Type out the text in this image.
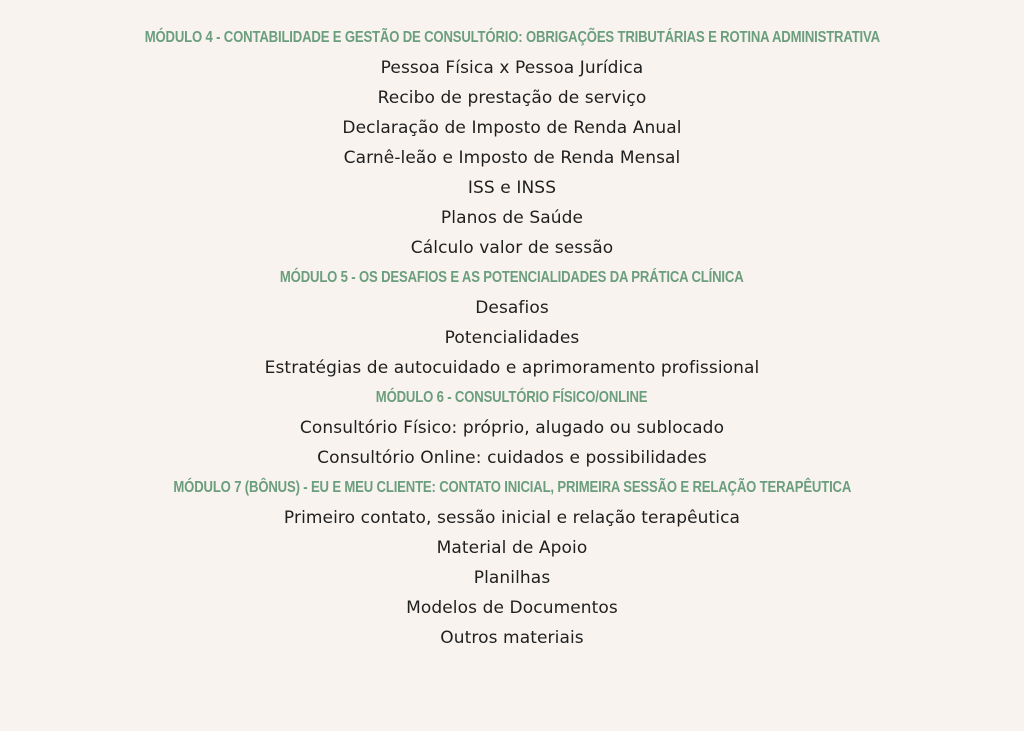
MÓDULO 4 - CONTABILIDADE E GESTÃO DE CONSULTÓRIO: OBRIGAÇÕES TRIBUTÁRIAS E ROTINA ADMINISTRATIVA
Pessoa Física x Pessoa Jurídica
Recibo de prestação de serviço
Declaração de Imposto de Renda Anual
Carnê-leão e Imposto de Renda Mensal
ISS e INSS
Planos de Saúde
Cálculo valor de sessão
MÓDULO 5 - OS DESAFIOS E AS POTENCIALIDADES DA PRÁTICA CLÍNICA
Desafios
Potencialidades
Estratégias de autocuidado e aprimoramento profissional
MÓDULO 6 - CONSULTÓRIO FÍSICO/ONLINE
Consultório Físico: próprio, alugado ou sublocado
Consultório Online: cuidados e possibilidades
MÓDULO 7 (BÔNUS) - EU E MEU CLIENTE: CONTATO INICIAL, PRIMEIRA SESSÃO E RELAÇÃO TERAPÊUTICA
Primeiro contato, sessão inicial e relação terapêutica
Material de Apoio
Planilhas
Modelos de Documentos
Outros materiais
